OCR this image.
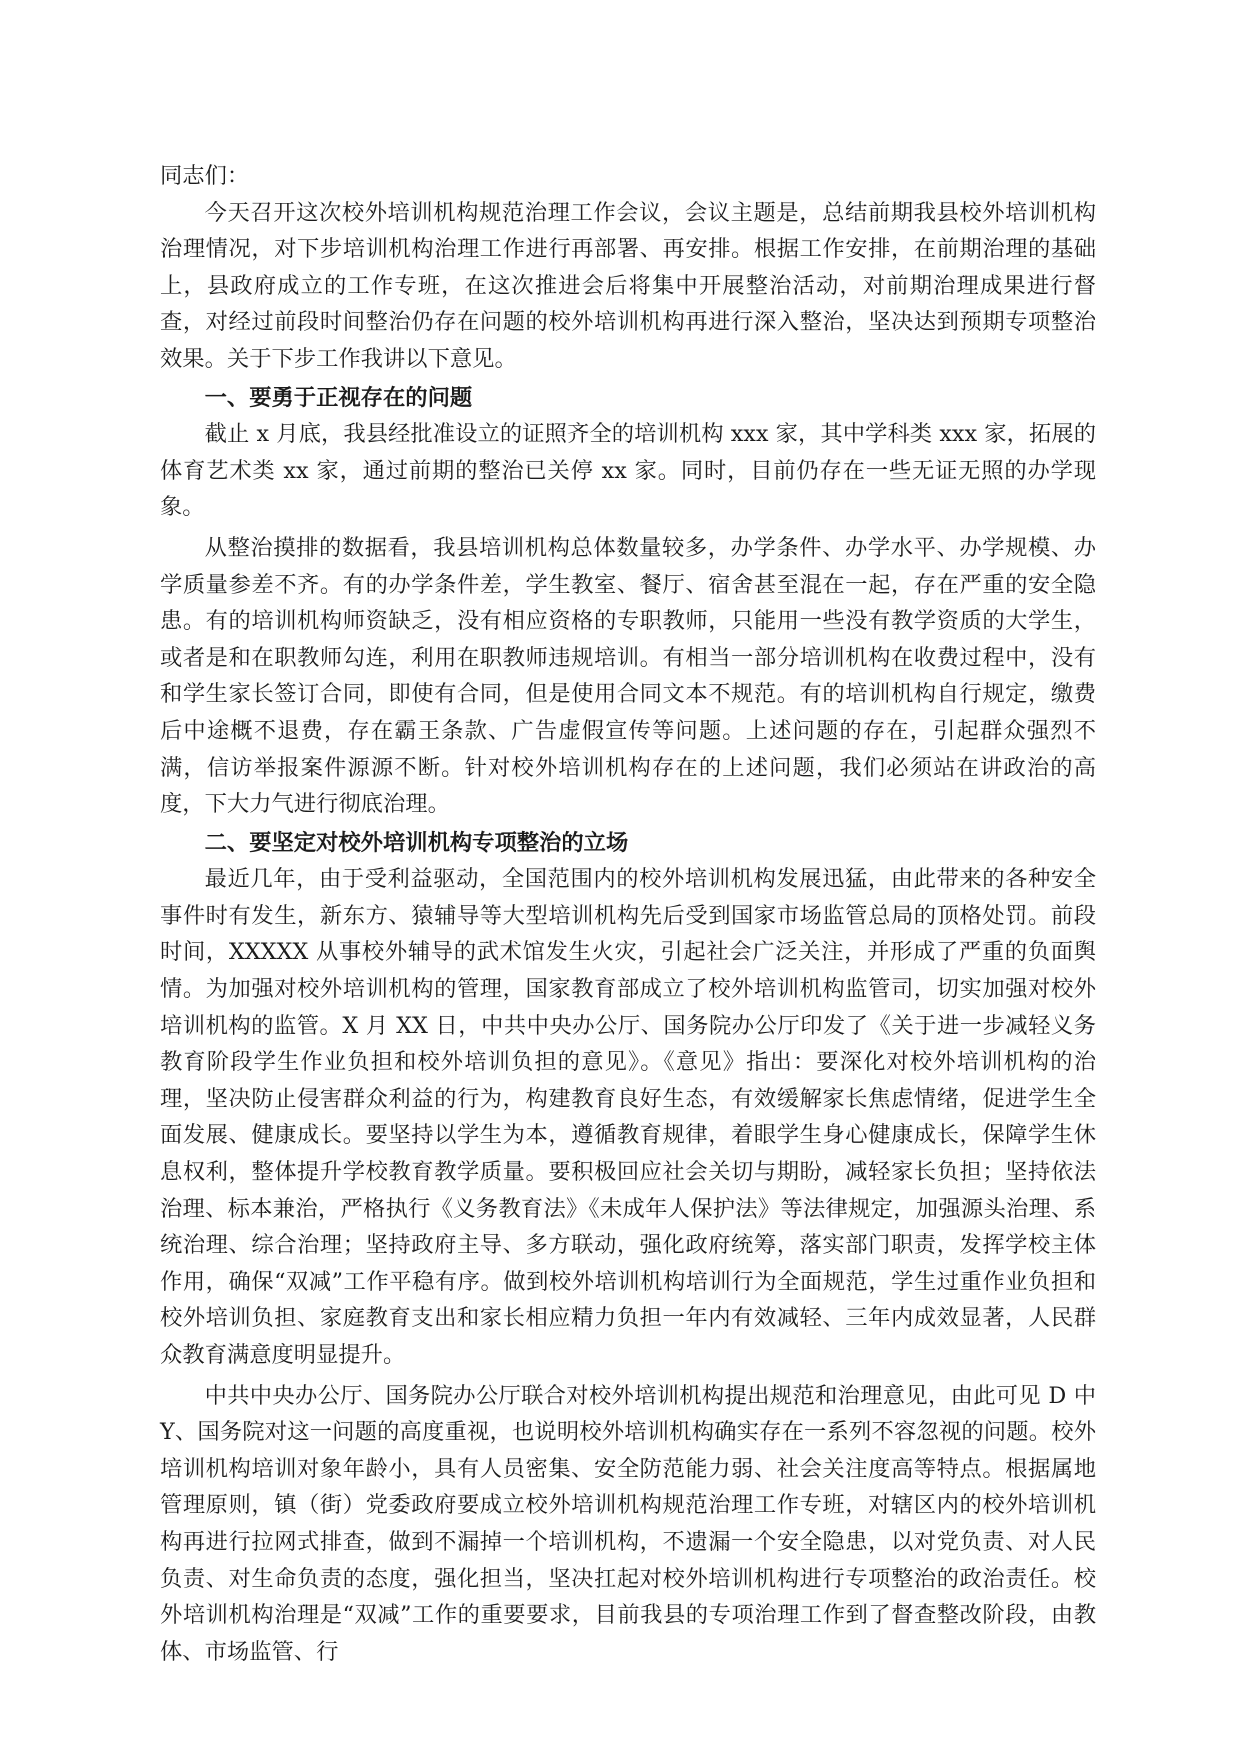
同志们：

今天召开这次校外培训机构规范治理工作会议，会议主题是，总结前期我县校外培训机构治理情况，对下步培训机构治理工作进行再部署、再安排。根据工作安排，在前期治理的基础上，县政府成立的工作专班，在这次推进会后将集中开展整治活动，对前期治理成果进行督查，对经过前段时间整治仍存在问题的校外培训机构再进行深入整治，坚决达到预期专项整治效果。关于下步工作我讲以下意见。

一、要勇于正视存在的问题

截止 x 月底，我县经批准设立的证照齐全的培训机构 xxx 家，其中学科类 xxx 家，拓展的体育艺术类 xx 家，通过前期的整治已关停 xx 家。同时，目前仍存在一些无证无照的办学现象。

从整治摸排的数据看，我县培训机构总体数量较多，办学条件、办学水平、办学规模、办学质量参差不齐。有的办学条件差，学生教室、餐厅、宿舍甚至混在一起，存在严重的安全隐患。有的培训机构师资缺乏，没有相应资格的专职教师，只能用一些没有教学资质的大学生，或者是和在职教师勾连，利用在职教师违规培训。有相当一部分培训机构在收费过程中，没有和学生家长签订合同，即使有合同，但是使用合同文本不规范。有的培训机构自行规定，缴费后中途概不退费，存在霸王条款、广告虚假宣传等问题。上述问题的存在，引起群众强烈不满，信访举报案件源源不断。针对校外培训机构存在的上述问题，我们必须站在讲政治的高度，下大力气进行彻底治理。

二、要坚定对校外培训机构专项整治的立场

最近几年，由于受利益驱动，全国范围内的校外培训机构发展迅猛，由此带来的各种安全事件时有发生，新东方、猿辅导等大型培训机构先后受到国家市场监管总局的顶格处罚。前段时间，XXXXX 从事校外辅导的武术馆发生火灾，引起社会广泛关注，并形成了严重的负面舆情。为加强对校外培训机构的管理，国家教育部成立了校外培训机构监管司，切实加强对校外培训机构的监管。X 月 XX 日，中共中央办公厅、国务院办公厅印发了《关于进一步减轻义务教育阶段学生作业负担和校外培训负担的意见》。《意见》指出：要深化对校外培训机构的治理，坚决防止侵害群众利益的行为，构建教育良好生态，有效缓解家长焦虑情绪，促进学生全面发展、健康成长。要坚持以学生为本，遵循教育规律，着眼学生身心健康成长，保障学生休息权利，整体提升学校教育教学质量。要积极回应社会关切与期盼，减轻家长负担；坚持依法治理、标本兼治，严格执行《义务教育法》《未成年人保护法》等法律规定，加强源头治理、系统治理、综合治理；坚持政府主导、多方联动，强化政府统筹，落实部门职责，发挥学校主体作用，确保“双减”工作平稳有序。做到校外培训机构培训行为全面规范，学生过重作业负担和校外培训负担、家庭教育支出和家长相应精力负担一年内有效减轻、三年内成效显著，人民群众教育满意度明显提升。

中共中央办公厅、国务院办公厅联合对校外培训机构提出规范和治理意见，由此可见 D 中 Y、国务院对这一问题的高度重视，也说明校外培训机构确实存在一系列不容忽视的问题。校外培训机构培训对象年龄小，具有人员密集、安全防范能力弱、社会关注度高等特点。根据属地管理原则，镇（街）党委政府要成立校外培训机构规范治理工作专班，对辖区内的校外培训机构再进行拉网式排查，做到不漏掉一个培训机构，不遗漏一个安全隐患，以对党负责、对人民负责、对生命负责的态度，强化担当，坚决扛起对校外培训机构进行专项整治的政治责任。校外培训机构治理是“双减”工作的重要要求，目前我县的专项治理工作到了督查整改阶段，由教体、市场监管、行
